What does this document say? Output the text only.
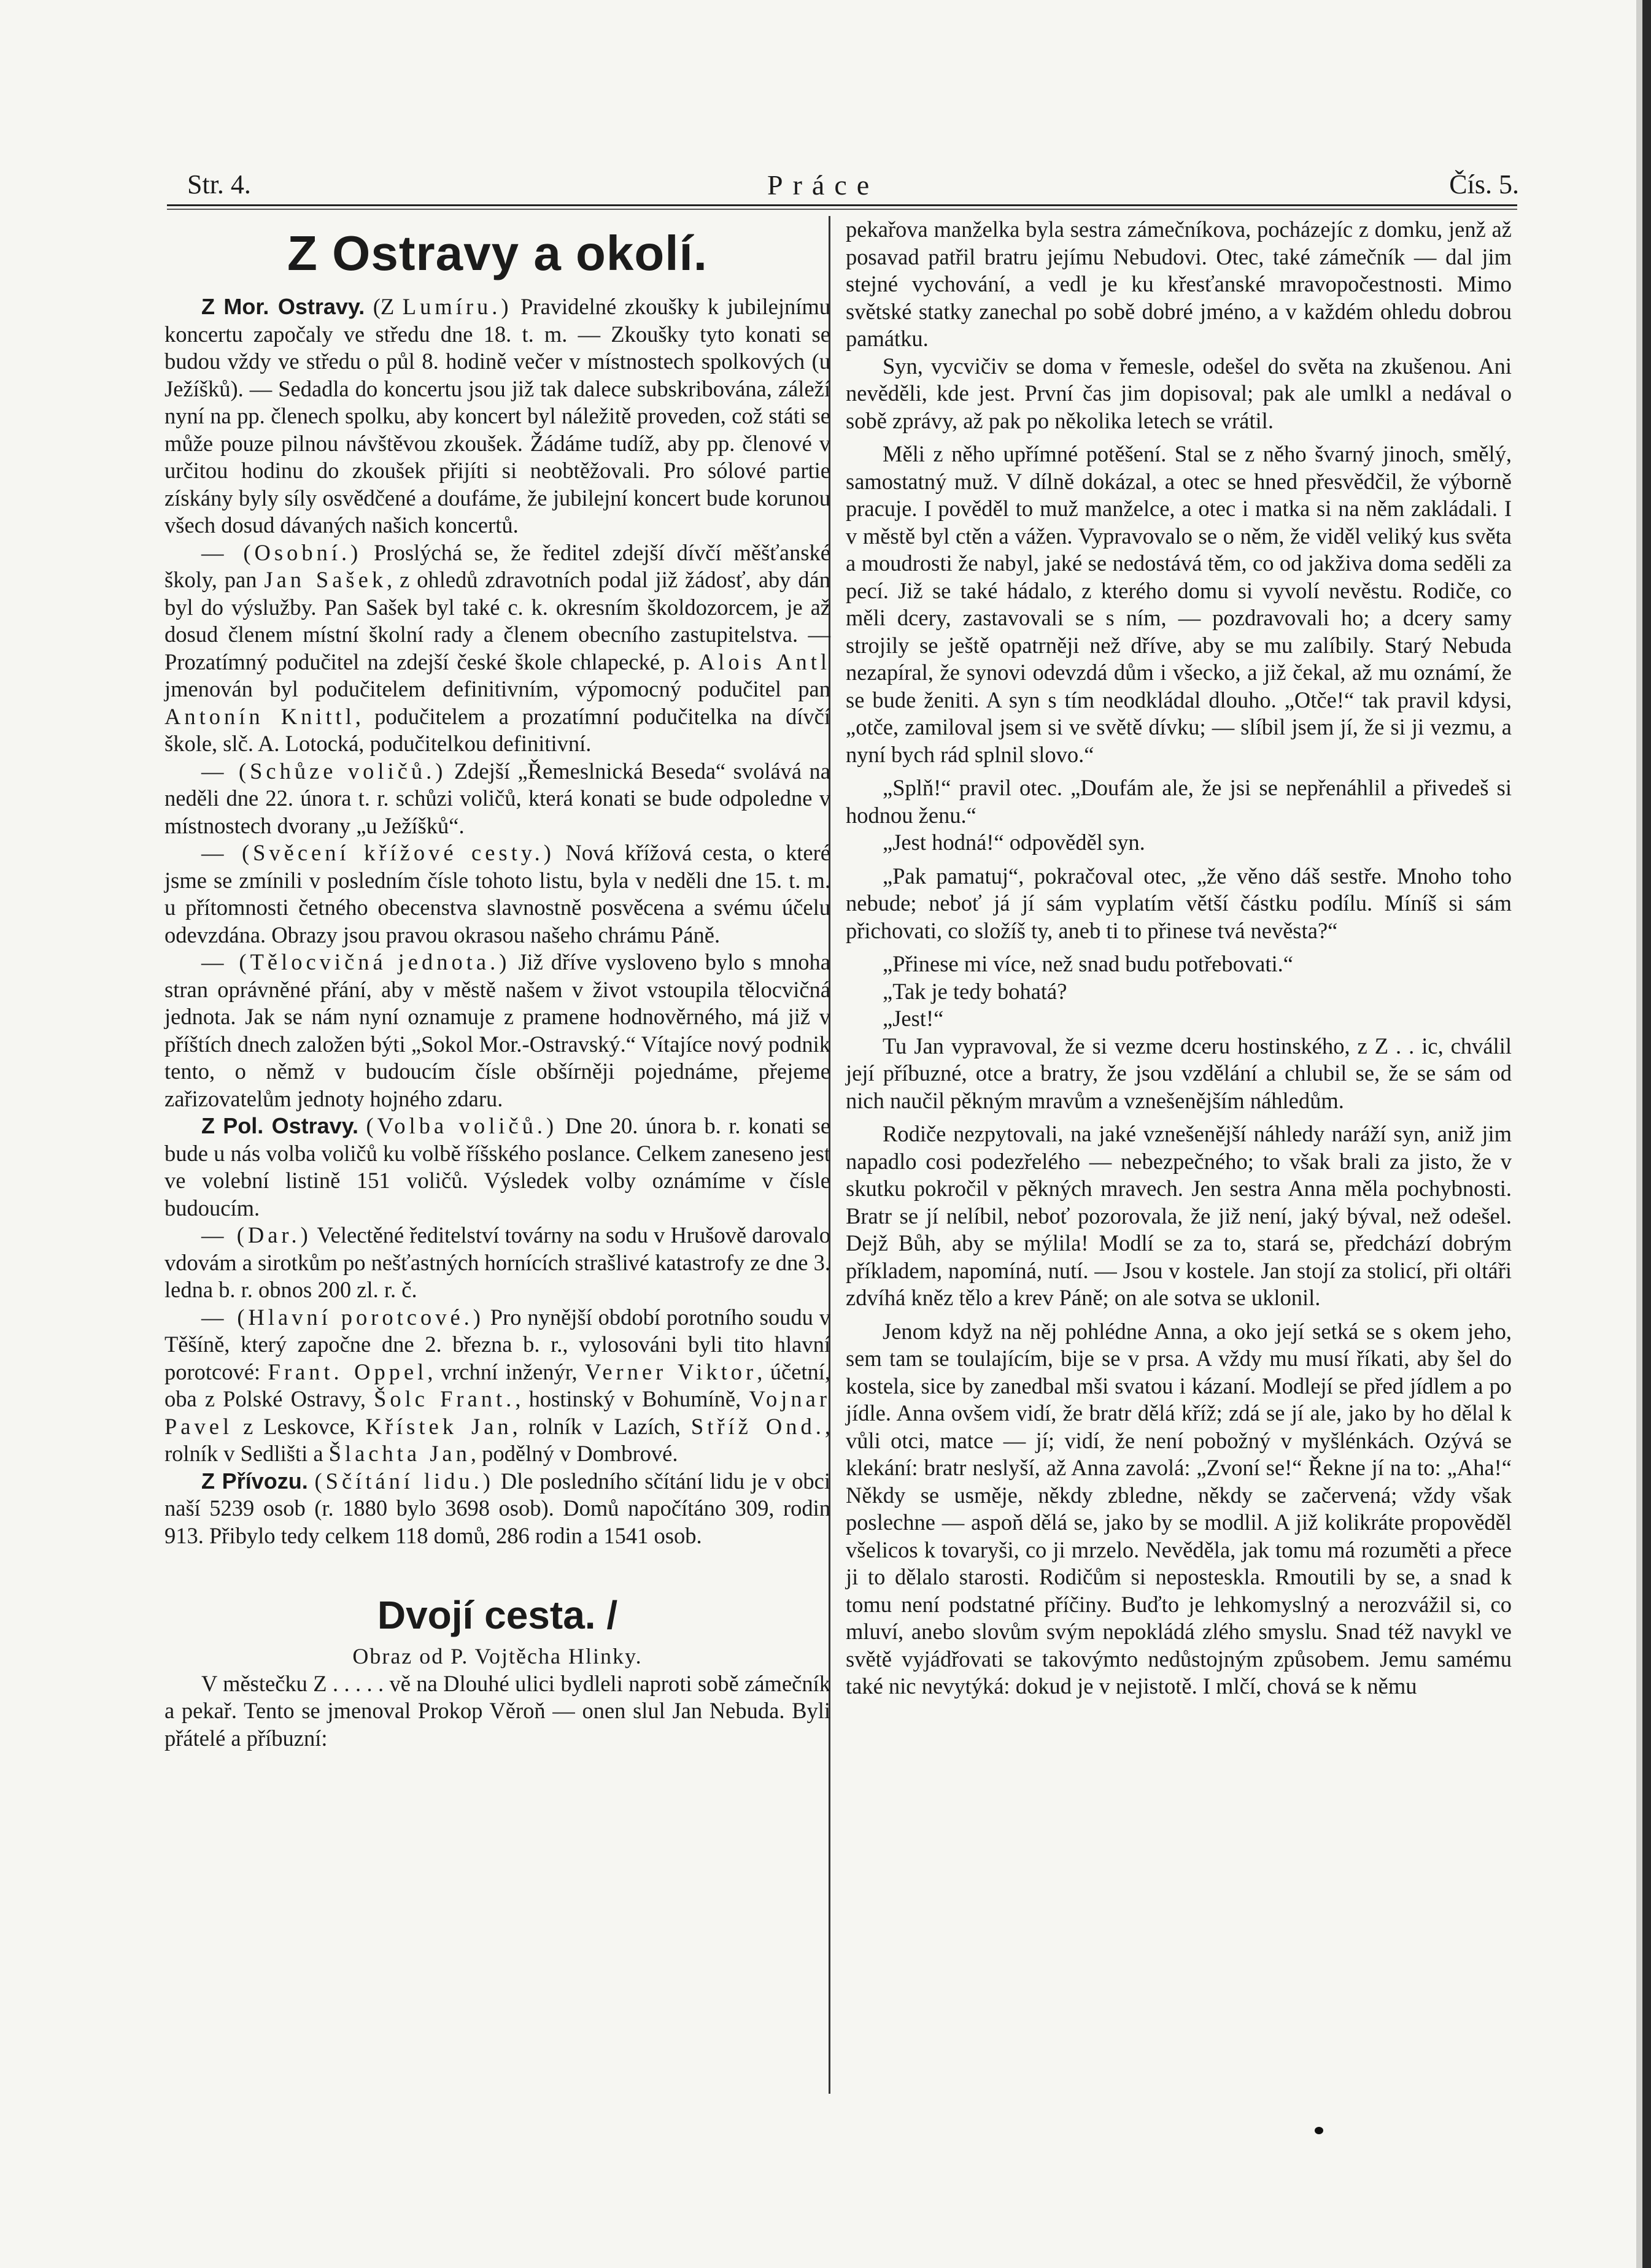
Str. 4.	Práce	Čís. 5.
Z Ostravy a okolí.

Z Mor. Ostravy. (Z Lumíru.) Pravidelné zkoušky k jubilejnímu koncertu započaly ve středu dne 18. t. m. — Zkoušky tyto konati se budou vždy ve středu o půl 8. hodině večer v místnostech spolkových (u Ježíšků). — Sedadla do koncertu jsou již tak dalece subskribována, záleží nyní na pp. členech spolku, aby koncert byl náležitě proveden, což státi se může pouze pilnou návštěvou zkoušek. Žádáme tudíž, aby pp. členové v určitou hodinu do zkoušek přijíti si neobtěžovali. Pro sólové partie získány byly síly osvědčené a doufáme, že jubilejní koncert bude korunou všech dosud dávaných našich koncertů.

— (Osobní.) Proslýchá se, že ředitel zdejší dívčí měšťanské školy, pan Jan Sašek, z ohledů zdravotních podal již žádosť, aby dán byl do výslužby. Pan Sašek byl také c. k. okresním školdozorcem, je až dosud členem místní školní rady a členem obecního zastupitelstva. — Prozatímný podučitel na zdejší české škole chlapecké, p. Alois Antl jmenován byl podučitelem definitivním, výpomocný podučitel pan Antonín Knittl, podučitelem a prozatímní podučitelka na dívčí škole, slč. A. Lotocká, podučitelkou definitivní.

— (Schůze voličů.) Zdejší „Řemeslnická Beseda“ svolává na neděli dne 22. února t. r. schůzi voličů, která konati se bude odpoledne v místnostech dvorany „u Ježíšků“.

— (Svěcení křížové cesty.) Nová křížová cesta, o které jsme se zmínili v posledním čísle tohoto listu, byla v neděli dne 15. t. m. u přítomnosti četného obecenstva slavnostně posvěcena a svému účelu odevzdána. Obrazy jsou pravou okrasou našeho chrámu Páně.

— (Tělocvičná jednota.) Již dříve vysloveno bylo s mnoha stran oprávněné přání, aby v městě našem v život vstoupila tělocvičná jednota. Jak se nám nyní oznamuje z pramene hodnověrného, má již v příštích dnech založen býti „Sokol Mor.-Ostravský.“ Vítajíce nový podnik tento, o němž v budoucím čísle obšírněji pojednáme, přejeme zařizovatelům jednoty hojného zdaru.

Z Pol. Ostravy. (Volba voličů.) Dne 20. února b. r. konati se bude u nás volba voličů ku volbě říšského poslance. Celkem zaneseno jest ve volební listině 151 voličů. Výsledek volby oznámíme v čísle budoucím.

— (Dar.) Velectěné ředitelství továrny na sodu v Hrušově darovalo vdovám a sirotkům po nešťastných hornících strašlivé katastrofy ze dne 3. ledna b. r. obnos 200 zl. r. č.

— (Hlavní porotcové.) Pro nynější období porotního soudu v Těšíně, který započne dne 2. března b. r., vylosováni byli tito hlavní porotcové: Frant. Oppel, vrchní inženýr, Verner Viktor, účetní, oba z Polské Ostravy, Šolc Frant., hostinský v Bohumíně, Vojnar Pavel z Leskovce, Křístek Jan, rolník v Lazích, Stříž Ond., rolník v Sedlišti a Šlachta Jan, podělný v Dombrové.

Z Přívozu. (Sčítání lidu.) Dle posledního sčítání lidu je v obci naší 5239 osob (r. 1880 bylo 3698 osob). Domů napočítáno 309, rodin 913. Přibylo tedy celkem 118 domů, 286 rodin a 1541 osob.

Dvojí cesta. /

Obraz od P. Vojtěcha Hlinky.

V městečku Z . . . . . vě na Dlouhé ulici bydleli naproti sobě zámečník a pekař. Tento se jmenoval Prokop Věroň — onen slul Jan Nebuda. Byli přátelé a příbuzní:

pekařova manželka byla sestra zámečníkova, pocházejíc z domku, jenž až posavad patřil bratru jejímu Nebudovi. Otec, také zámečník — dal jim stejné vychování, a vedl je ku křesťanské mravopočestnosti. Mimo světské statky zanechal po sobě dobré jméno, a v každém ohledu dobrou památku.

Syn, vycvičiv se doma v řemesle, odešel do světa na zkušenou. Ani nevěděli, kde jest. První čas jim dopisoval; pak ale umlkl a nedával o sobě zprávy, až pak po několika letech se vrátil.

Měli z něho upřímné potěšení. Stal se z něho švarný jinoch, smělý, samostatný muž. V dílně dokázal, a otec se hned přesvědčil, že výborně pracuje. I pověděl to muž manželce, a otec i matka si na něm zakládali. I v městě byl ctěn a vážen. Vypravovalo se o něm, že viděl veliký kus světa a moudrosti že nabyl, jaké se nedostává těm, co od jakživa doma seděli za pecí. Již se také hádalo, z kterého domu si vyvolí nevěstu. Rodiče, co měli dcery, zastavovali se s ním, — pozdravovali ho; a dcery samy strojily se ještě opatrněji než dříve, aby se mu zalíbily. Starý Nebuda nezapíral, že synovi odevzdá dům i všecko, a již čekal, až mu oznámí, že se bude ženiti. A syn s tím neodkládal dlouho. „Otče!“ tak pravil kdysi, „otče, zamiloval jsem si ve světě dívku; — slíbil jsem jí, že si ji vezmu, a nyní bych rád splnil slovo.“

„Splň!“ pravil otec. „Doufám ale, že jsi se nepřenáhlil a přivedeš si hodnou ženu.“

„Jest hodná!“ odpověděl syn.

„Pak pamatuj“, pokračoval otec, „že věno dáš sestře. Mnoho toho nebude; neboť já jí sám vyplatím větší částku podílu. Míníš si sám přichovati, co složíš ty, aneb ti to přinese tvá nevěsta?“

„Přinese mi více, než snad budu potřebovati.“

„Tak je tedy bohatá?

„Jest!“

Tu Jan vypravoval, že si vezme dceru hostinského, z Z . . ic, chválil její příbuzné, otce a bratry, že jsou vzdělání a chlubil se, že se sám od nich naučil pěkným mravům a vznešenějším náhledům.

Rodiče nezpytovali, na jaké vznešenější náhledy naráží syn, aniž jim napadlo cosi podezřelého — nebezpečného; to však brali za jisto, že v skutku pokročil v pěkných mravech. Jen sestra Anna měla pochybnosti. Bratr se jí nelíbil, neboť pozorovala, že již není, jaký býval, než odešel. Dejž Bůh, aby se mýlila! Modlí se za to, stará se, předchází dobrým příkladem, napomíná, nutí. — Jsou v kostele. Jan stojí za stolicí, při oltáři zdvíhá kněz tělo a krev Páně; on ale sotva se uklonil.

Jenom když na něj pohlédne Anna, a oko její setká se s okem jeho, sem tam se toulajícím, bije se v prsa. A vždy mu musí říkati, aby šel do kostela, sice by zanedbal mši svatou i kázaní. Modlejí se před jídlem a po jídle. Anna ovšem vidí, že bratr dělá kříž; zdá se jí ale, jako by ho dělal k vůli otci, matce — jí; vidí, že není pobožný v myšlénkách. Ozývá se klekání: bratr neslyší, až Anna zavolá: „Zvoní se!“ Řekne jí na to: „Aha!“ Někdy se usměje, někdy zbledne, někdy se začervená; vždy však poslechne — aspoň dělá se, jako by se modlil. A již kolikráte propověděl všelicos k tovaryši, co ji mrzelo. Nevěděla, jak tomu má rozuměti a přece ji to dělalo starosti. Rodičům si neposteskla. Rmoutili by se, a snad k tomu není podstatné příčiny. Buďto je lehkomyslný a nerozvážil si, co mluví, anebo slovům svým nepokládá zlého smyslu. Snad též navykl ve světě vyjádřovati se takovýmto nedůstojným způsobem. Jemu samému také nic nevytýká: dokud je v nejistotě. I mlčí, chová se k němu
